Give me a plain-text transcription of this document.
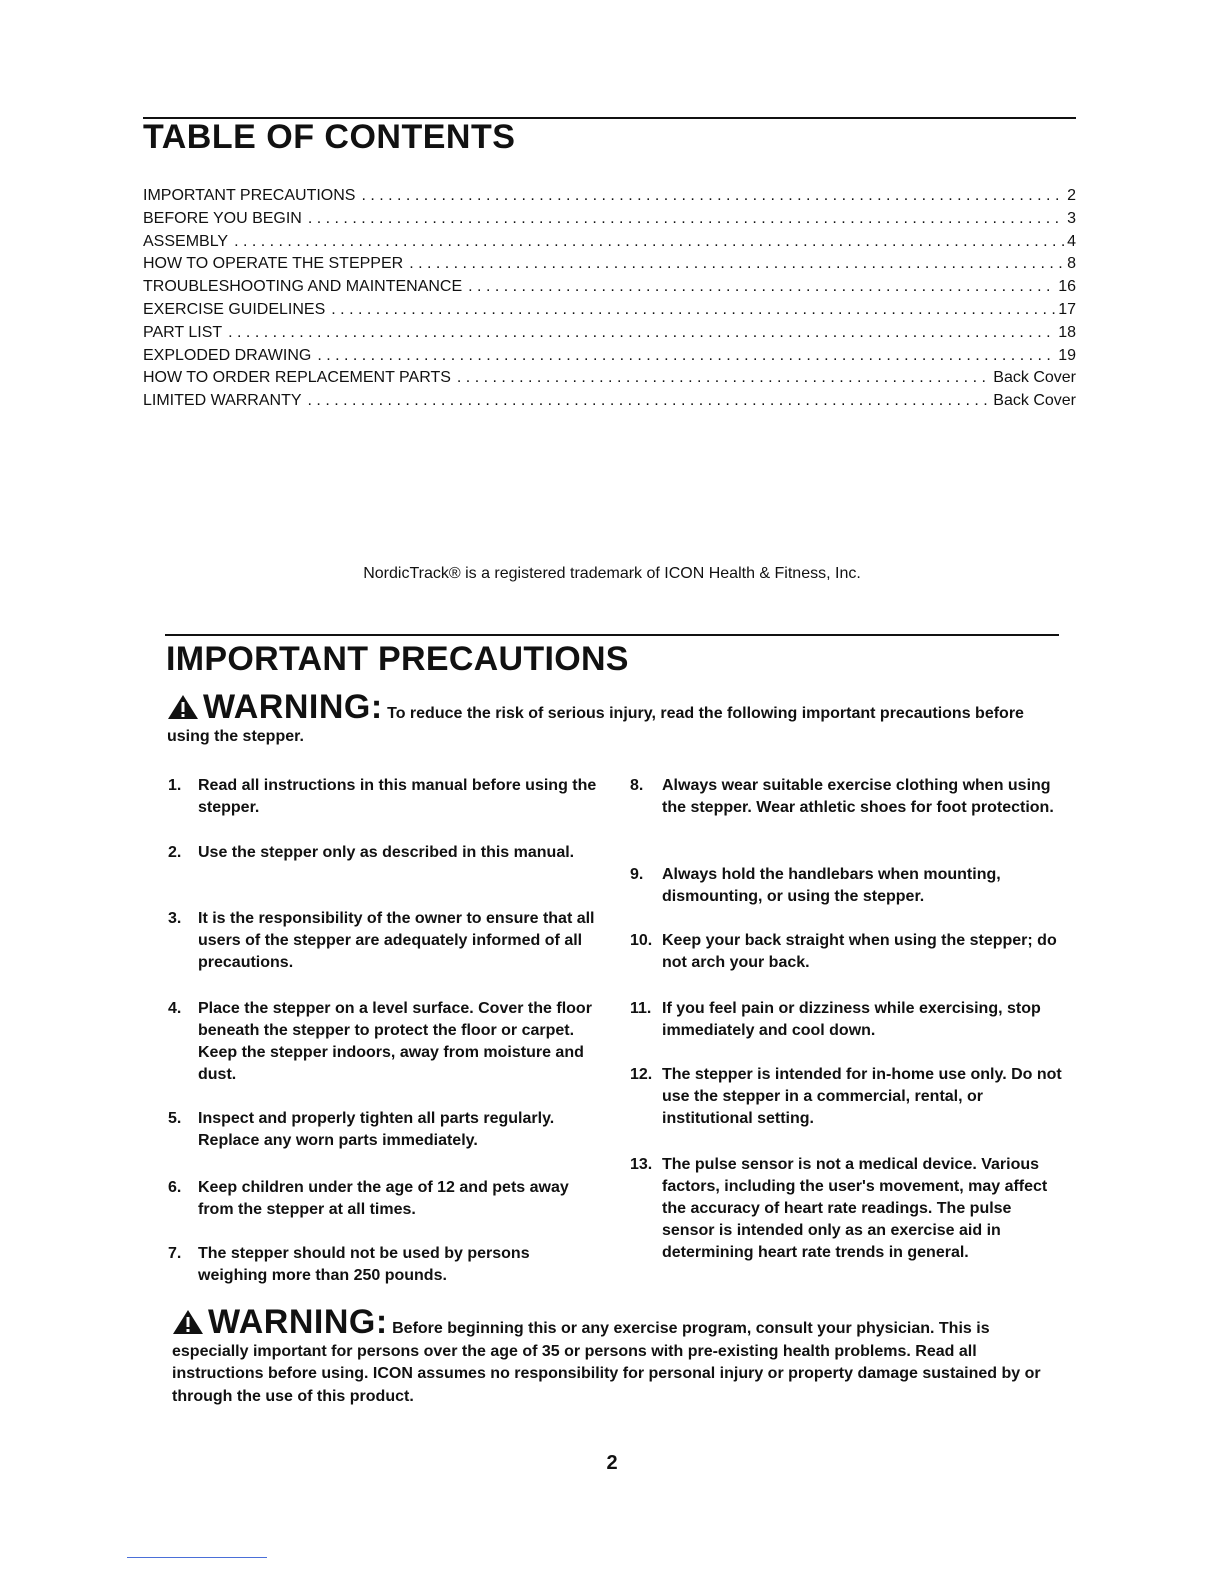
TABLE OF CONTENTS
IMPORTANT PRECAUTIONS . . .	2
BEFORE YOU BEGIN . . .	3
ASSEMBLY . . .	4
HOW TO OPERATE THE STEPPER . . .	8
TROUBLESHOOTING AND MAINTENANCE . . .	16
EXERCISE GUIDELINES . . .	17
PART LIST . . .	18
EXPLODED DRAWING . . .	19
HOW TO ORDER REPLACEMENT PARTS . . .	Back Cover
LIMITED WARRANTY . . .	Back Cover
NordicTrack® is a registered trademark of ICON Health & Fitness, Inc.
IMPORTANT PRECAUTIONS
WARNING: To reduce the risk of serious injury, read the following important precautions before using the stepper.
1.	Read all instructions in this manual before using the stepper.
2.	Use the stepper only as described in this manual.
3.	It is the responsibility of the owner to ensure that all users of the stepper are adequately informed of all precautions.
4.	Place the stepper on a level surface. Cover the floor beneath the stepper to protect the floor or carpet. Keep the stepper indoors, away from moisture and dust.
5.	Inspect and properly tighten all parts regularly. Replace any worn parts immediately.
6.	Keep children under the age of 12 and pets away from the stepper at all times.
7.	The stepper should not be used by persons weighing more than 250 pounds.
8.	Always wear suitable exercise clothing when using the stepper. Wear athletic shoes for foot protection.
9.	Always hold the handlebars when mounting, dismounting, or using the stepper.
10. Keep your back straight when using the stepper; do not arch your back.
11. If you feel pain or dizziness while exercising, stop immediately and cool down.
12. The stepper is intended for in-home use only. Do not use the stepper in a commercial, rental, or institutional setting.
13. The pulse sensor is not a medical device. Various factors, including the user's movement, may affect the accuracy of heart rate readings. The pulse sensor is intended only as an exercise aid in determining heart rate trends in general.
WARNING: Before beginning this or any exercise program, consult your physician. This is especially important for persons over the age of 35 or persons with pre-existing health problems. Read all instructions before using. ICON assumes no responsibility for personal injury or property damage sustained by or through the use of this product.
2
